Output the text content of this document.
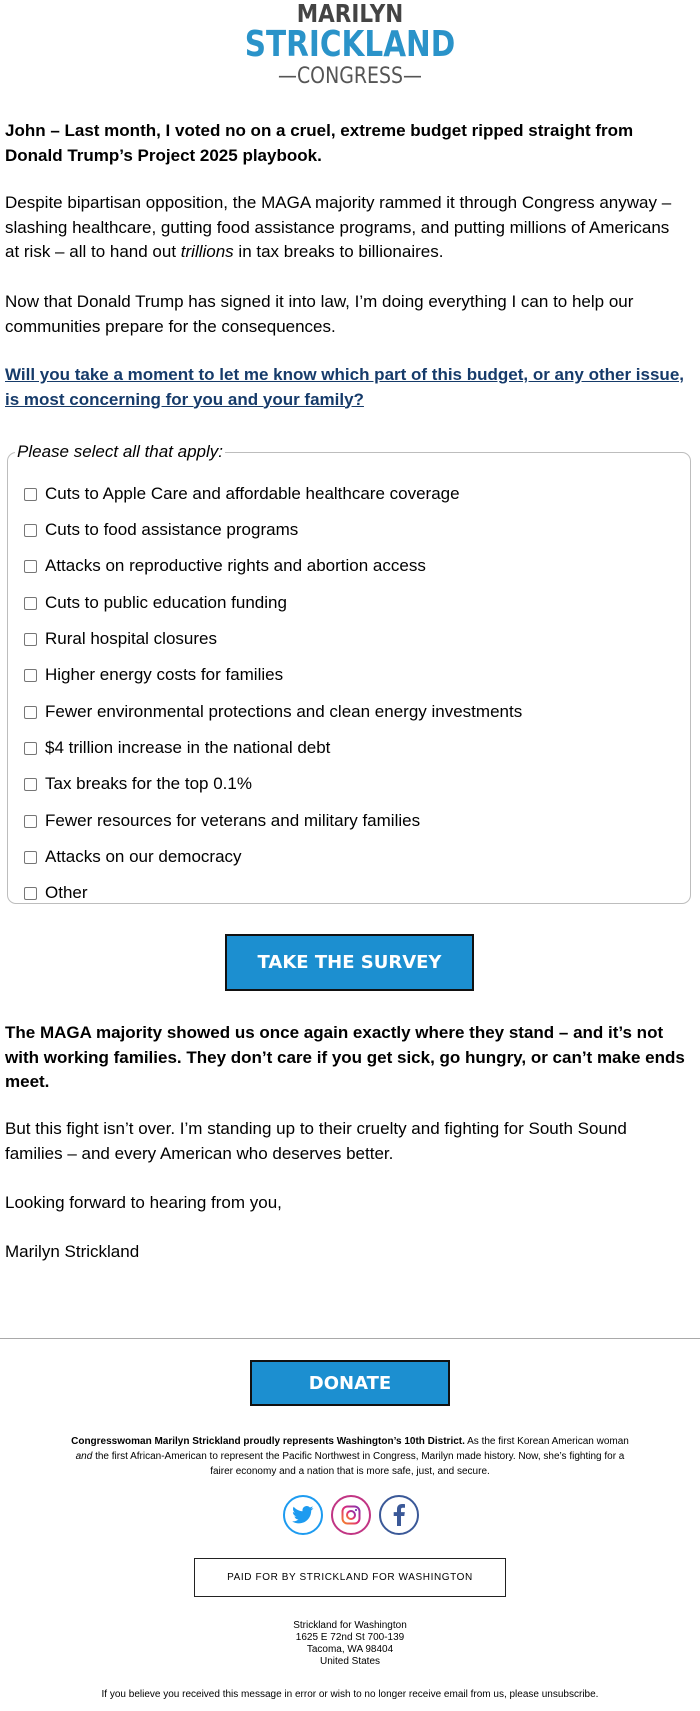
MARILYN
STRICKLAND
—CONGRESS—
John – Last month, I voted no on a cruel, extreme budget ripped straight from Donald Trump’s Project 2025 playbook.
Despite bipartisan opposition, the MAGA majority rammed it through Congress anyway – slashing healthcare, gutting food assistance programs, and putting millions of Americans at risk – all to hand out trillions in tax breaks to billionaires.
Now that Donald Trump has signed it into law, I’m doing everything I can to help our communities prepare for the consequences.
Will you take a moment to let me know which part of this budget, or any other issue, is most concerning for you and your family?
Please select all that apply:
Cuts to Apple Care and affordable healthcare coverage
Cuts to food assistance programs
Attacks on reproductive rights and abortion access
Cuts to public education funding
Rural hospital closures
Higher energy costs for families
Fewer environmental protections and clean energy investments
$4 trillion increase in the national debt
Tax breaks for the top 0.1%
Fewer resources for veterans and military families
Attacks on our democracy
Other
TAKE THE SURVEY
The MAGA majority showed us once again exactly where they stand – and it’s not with working families. They don’t care if you get sick, go hungry, or can’t make ends meet.
But this fight isn’t over. I’m standing up to their cruelty and fighting for South Sound families – and every American who deserves better.
Looking forward to hearing from you,
Marilyn Strickland
DONATE
Congresswoman Marilyn Strickland proudly represents Washington’s 10th District. As the first Korean American woman and the first African-American to represent the Pacific Northwest in Congress, Marilyn made history. Now, she’s fighting for a fairer economy and a nation that is more safe, just, and secure.
PAID FOR BY STRICKLAND FOR WASHINGTON
Strickland for Washington
1625 E 72nd St 700-139
Tacoma, WA 98404
United States
If you believe you received this message in error or wish to no longer receive email from us, please unsubscribe.
